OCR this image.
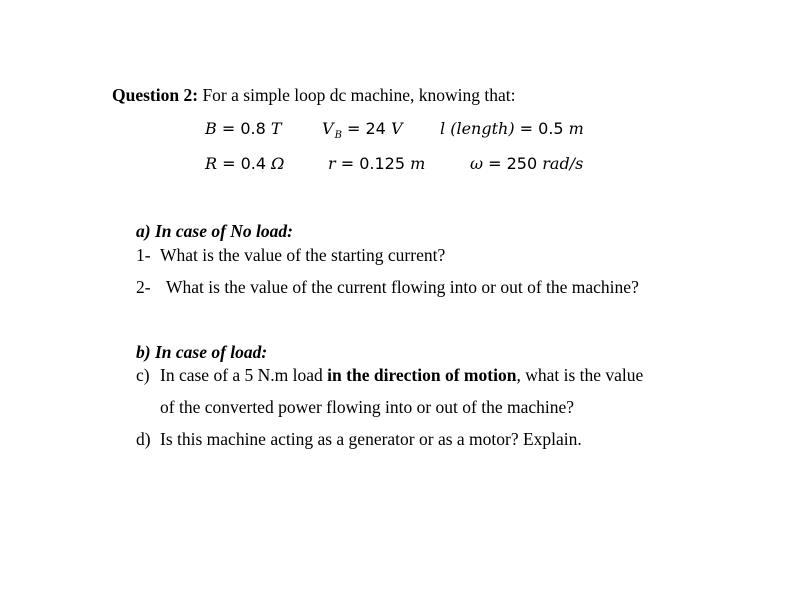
Question 2: For a simple loop dc machine, knowing that:
B = 0.8 T	$V_B = 24$ V l (length) = 0.5 m
R = 0.4 Ω	r = 0.125 m	ω = 250 rad/s
a) In case of No load:
1- What is the value of the starting current?
2- What is the value of the current flowing into or out of the machine?
b) In case of load:
c) In case of a 5 N.m load in the direction of motion, what is the value
of the converted power flowing into or out of the machine?
d) Is this machine acting as a generator or as a motor? Explain.
